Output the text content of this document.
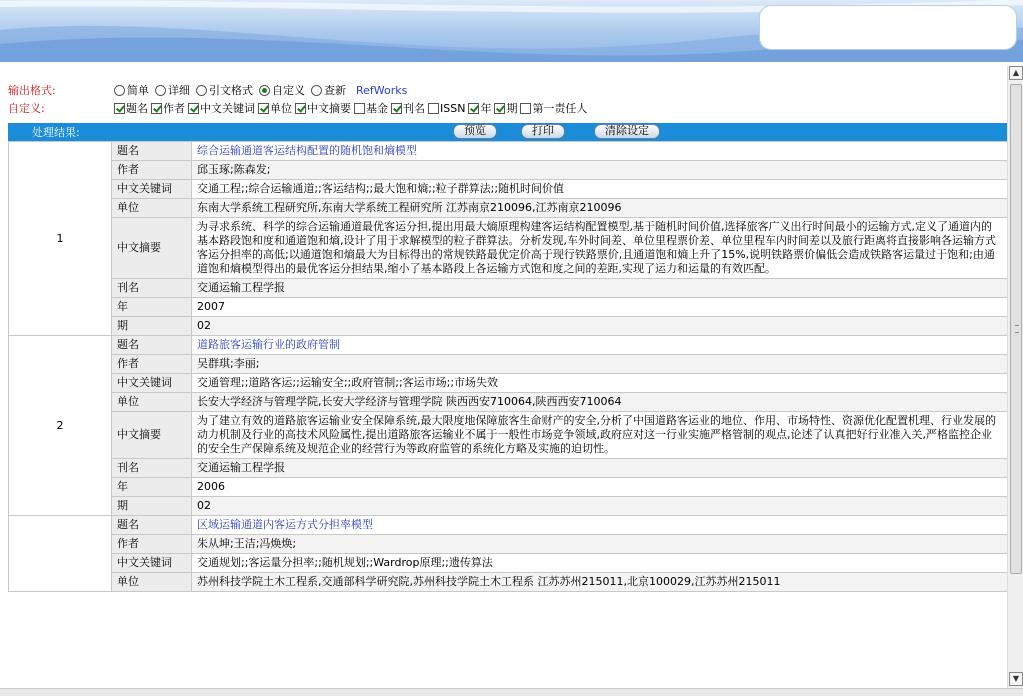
输出格式:	简单 详细 引文格式 自定义 查新 RefWorks
自定义:	题名 作者 中文关键词 单位 中文摘要 基金 刊名 ISSN 年 期 第一责任人
处理结果:	预览	打印	清除设定
1	题名	综合运输通道客运结构配置的随机饱和熵模型
	作者	邱玉琢;陈森发;
	中文关键词	交通工程;;综合运输通道;;客运结构;;最大饱和熵;;粒子群算法;;随机时间价值
	单位	东南大学系统工程研究所,东南大学系统工程研究所 江苏南京210096,江苏南京210096
	中文摘要	为寻求系统、科学的综合运输通道最优客运分担,提出用最大熵原理构建客运结构配置模型,基于随机时间价值,选择旅客广义出行时间最小的运输方式,定义了通道内的基本路段饱和度和通道饱和熵,设计了用于求解模型的粒子群算法。分析发现,车外时间差、单位里程票价差、单位里程车内时间差以及旅行距离将直接影响各运输方式客运分担率的高低;以通道饱和熵最大为目标得出的常规铁路最优定价高于现行铁路票价,且通道饱和熵上升了15%,说明铁路票价偏低会造成铁路客运量过于饱和;由通道饱和熵模型得出的最优客运分担结果,缩小了基本路段上各运输方式饱和度之间的差距,实现了运力和运量的有效匹配。
	刊名	交通运输工程学报
	年	2007
	期	02
2	题名	道路旅客运输行业的政府管制
	作者	吴群琪;李丽;
	中文关键词	交通管理;;道路客运;;运输安全;;政府管制;;客运市场;;市场失效
	单位	长安大学经济与管理学院,长安大学经济与管理学院 陕西西安710064,陕西西安710064
	中文摘要	为了建立有效的道路旅客运输业安全保障系统,最大限度地保障旅客生命财产的安全,分析了中国道路客运业的地位、作用、市场特性、资源优化配置机理、行业发展的动力机制及行业的高技术风险属性,提出道路旅客运输业不属于一般性市场竞争领域,政府应对这一行业实施严格管制的观点,论述了认真把好行业准入关,严格监控企业的安全生产保障系统及规范企业的经营行为等政府监管的系统化方略及实施的迫切性。
	刊名	交通运输工程学报
	年	2006
	期	02
	题名	区域运输通道内客运方式分担率模型
	作者	朱从坤;王洁;冯焕焕;
	中文关键词	交通规划;;客运量分担率;;随机规划;;Wardrop原理;;遗传算法
	单位	苏州科技学院土木工程系,交通部科学研究院,苏州科技学院土木工程系 江苏苏州215011,北京100029,江苏苏州215011
▲
▼
